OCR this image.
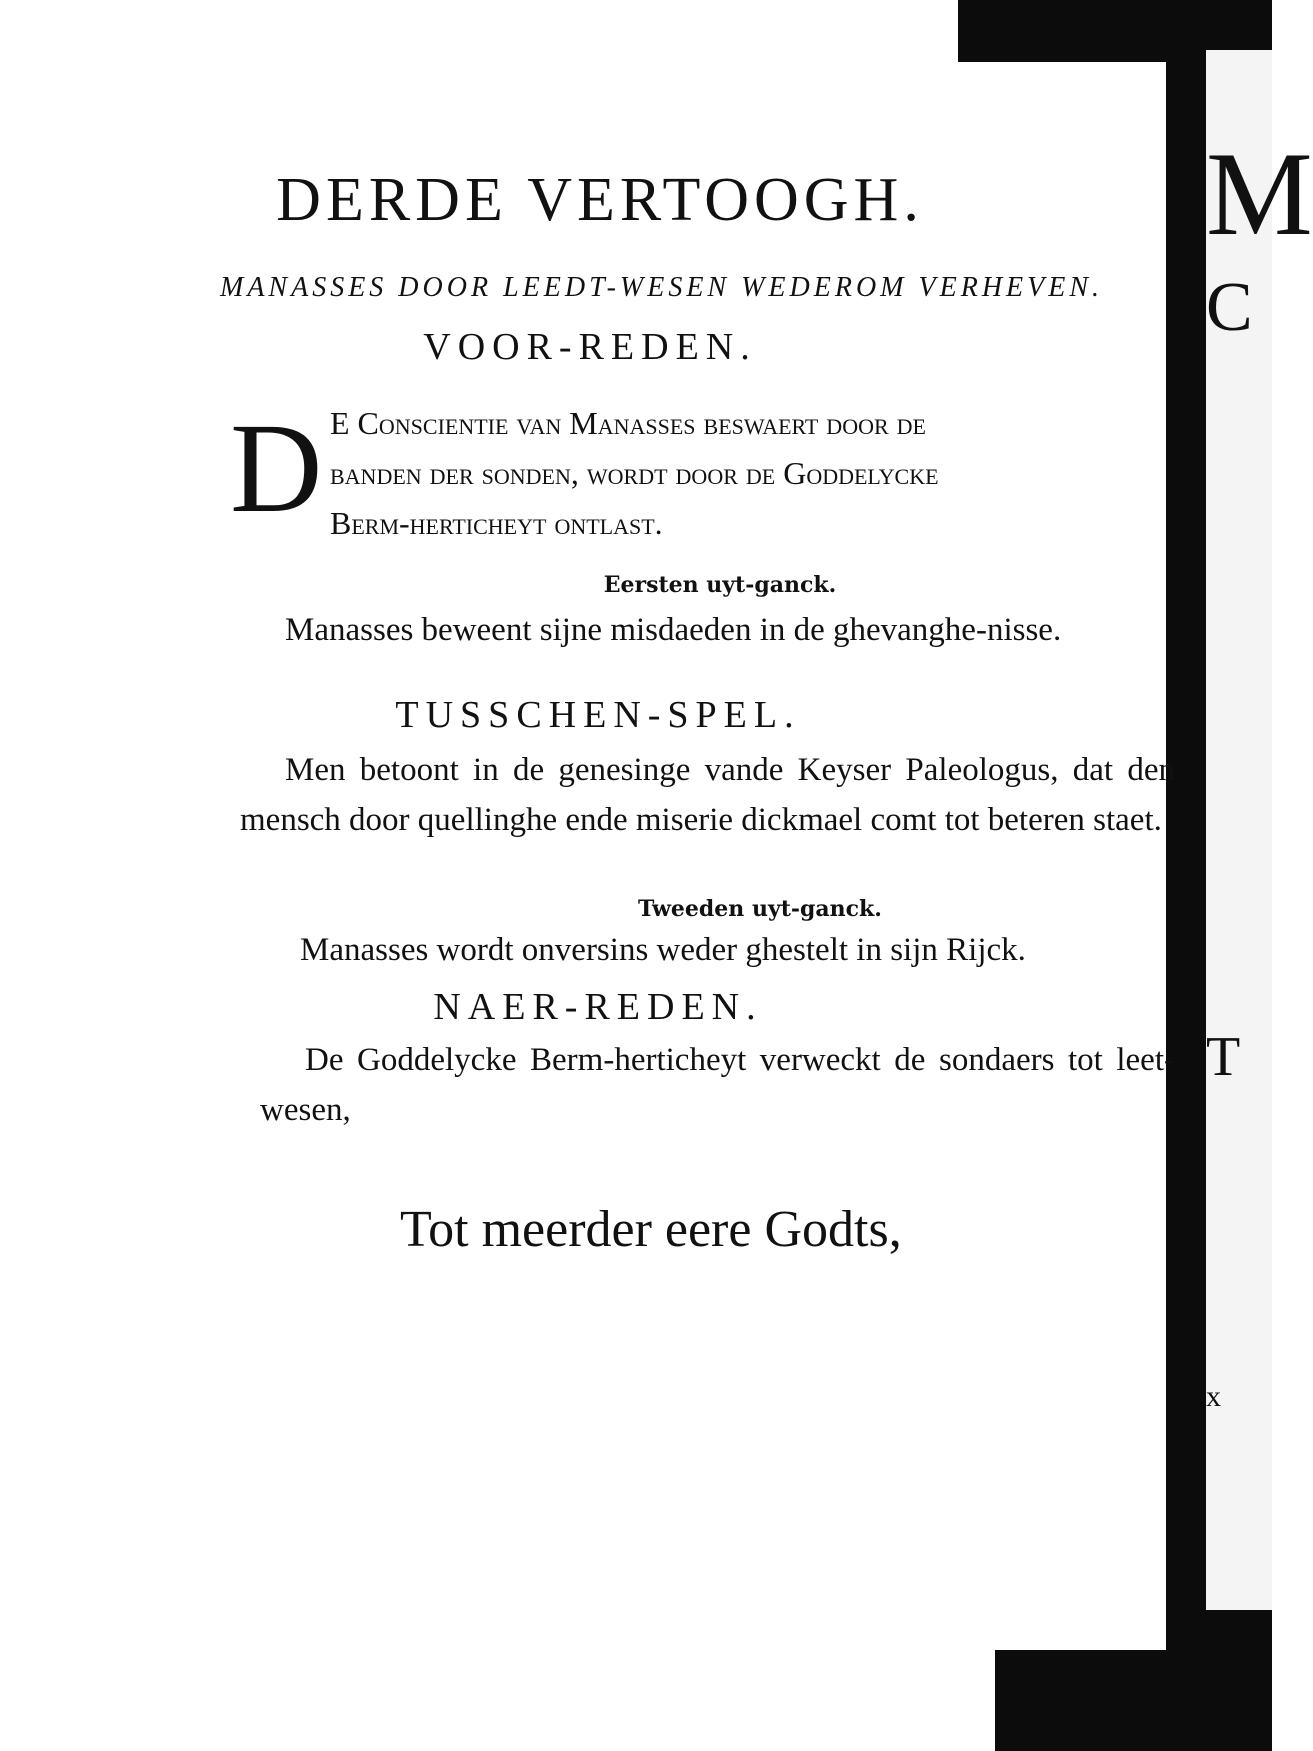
M
C
T
x
DERDE VERTOOGH.

MANASSES DOOR LEEDT-WESEN WEDEROM VERHEVEN.

VOOR-REDEN.
D E Conscientie van Manasses beswaert door de
banden der sonden, wordt door de Goddelycke
Berm-herticheyt ontlast.

Eersten uyt-ganck.

Manasses beweent sijne misdaeden in de ghevanghe-nisse.

TUSSCHEN-SPEL.

Men betoont in de genesinge vande Keyser Paleologus, dat den mensch door quellinghe ende miserie dickmael comt tot beteren staet.

Tweeden uyt-ganck.

Manasses wordt onversins weder ghestelt in sijn Rijck.

NAER-REDEN.

De Goddelycke Berm-herticheyt verweckt de sondaers tot leet-wesen,

Tot meerder eere Godts,
